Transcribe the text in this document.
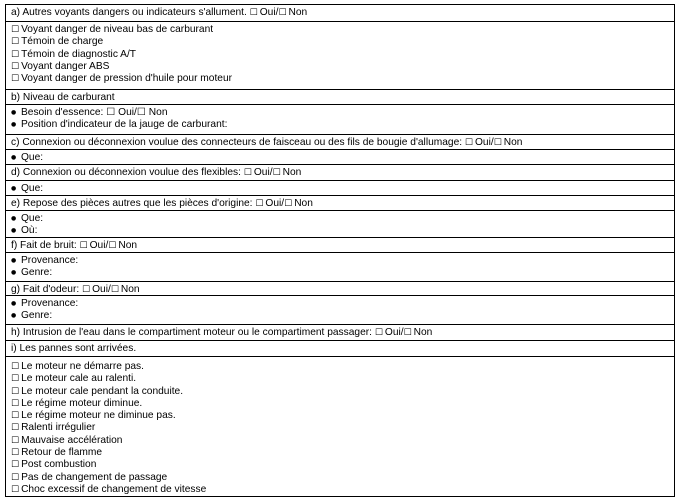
a) Autres voyants dangers ou indicateurs s'allument. ☐ Oui/ ☐ Non
☐ Voyant danger de niveau bas de carburant
☐ Témoin de charge
☐ Témoin de diagnostic A/T
☐ Voyant danger ABS
☐ Voyant danger de pression d'huile pour moteur
b) Niveau de carburant
● Besoin d'essence: ☐ Oui/☐ Non
● Position d'indicateur de la jauge de carburant:
c) Connexion ou déconnexion voulue des connecteurs de faisceau ou des fils de bougie d'allumage: ☐ Oui/ ☐ Non
● Que:
d) Connexion ou déconnexion voulue des flexibles: ☐ Oui/ ☐ Non
● Que:
e) Repose des pièces autres que les pièces d'origine: ☐ Oui/ ☐ Non
● Que:
● Où:
f) Fait de bruit: ☐ Oui/ ☐ Non
● Provenance:
● Genre:
g) Fait d'odeur: ☐ Oui/ ☐ Non
● Provenance:
● Genre:
h) Intrusion de l'eau dans le compartiment moteur ou le compartiment passager: ☐ Oui/ ☐ Non
i) Les pannes sont arrivées.
☐ Le moteur ne démarre pas.
☐ Le moteur cale au ralenti.
☐ Le moteur cale pendant la conduite.
☐ Le régime moteur diminue.
☐ Le régime moteur ne diminue pas.
☐ Ralenti irrégulier
☐ Mauvaise accélération
☐ Retour de flamme
☐ Post combustion
☐ Pas de changement de passage
☐ Choc excessif de changement de vitesse
